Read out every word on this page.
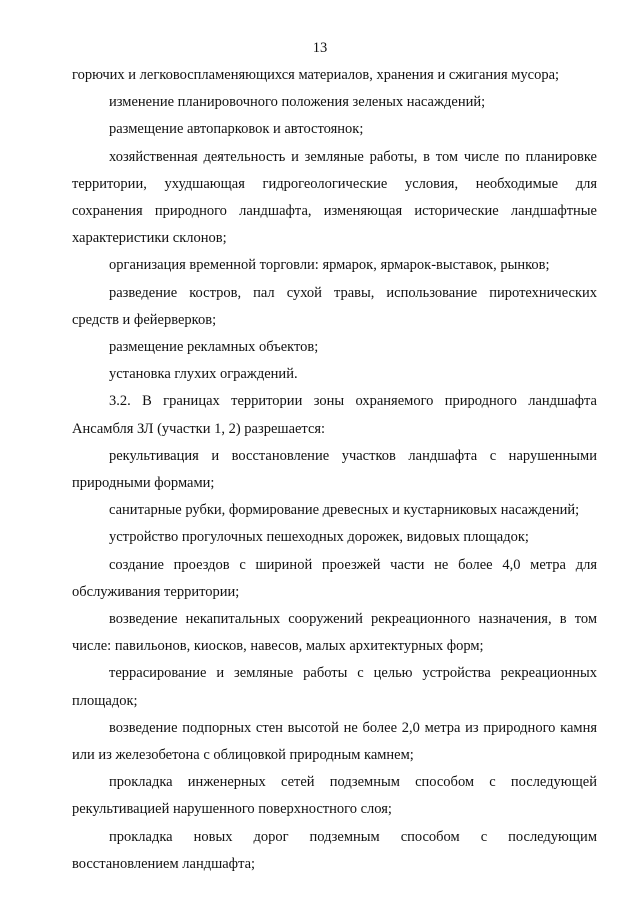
13

горючих и легковоспламеняющихся материалов, хранения и сжигания мусора;

изменение планировочного положения зеленых насаждений;

размещение автопарковок и автостоянок;

хозяйственная деятельность и земляные работы, в том числе по планировке территории, ухудшающая гидрогеологические условия, необходимые для сохранения природного ландшафта, изменяющая исторические ландшафтные характеристики склонов;

организация временной торговли: ярмарок, ярмарок-выставок, рынков;

разведение костров, пал сухой травы, использование пиротехнических средств и фейерверков;

размещение рекламных объектов;

установка глухих ограждений.

3.2. В границах территории зоны охраняемого природного ландшафта Ансамбля ЗЛ (участки 1, 2) разрешается:

рекультивация и восстановление участков ландшафта с нарушенными природными формами;

санитарные рубки, формирование древесных и кустарниковых насаждений;

устройство прогулочных пешеходных дорожек, видовых площадок;

создание проездов с шириной проезжей части не более 4,0 метра для обслуживания территории;

возведение некапитальных сооружений рекреационного назначения, в том числе: павильонов, киосков, навесов, малых архитектурных форм;

террасирование и земляные работы с целью устройства рекреационных площадок;

возведение подпорных стен высотой не более 2,0 метра из природного камня или из железобетона с облицовкой природным камнем;

прокладка инженерных сетей подземным способом с последующей рекультивацией нарушенного поверхностного слоя;

прокладка новых дорог подземным способом с последующим восстановлением ландшафта;
